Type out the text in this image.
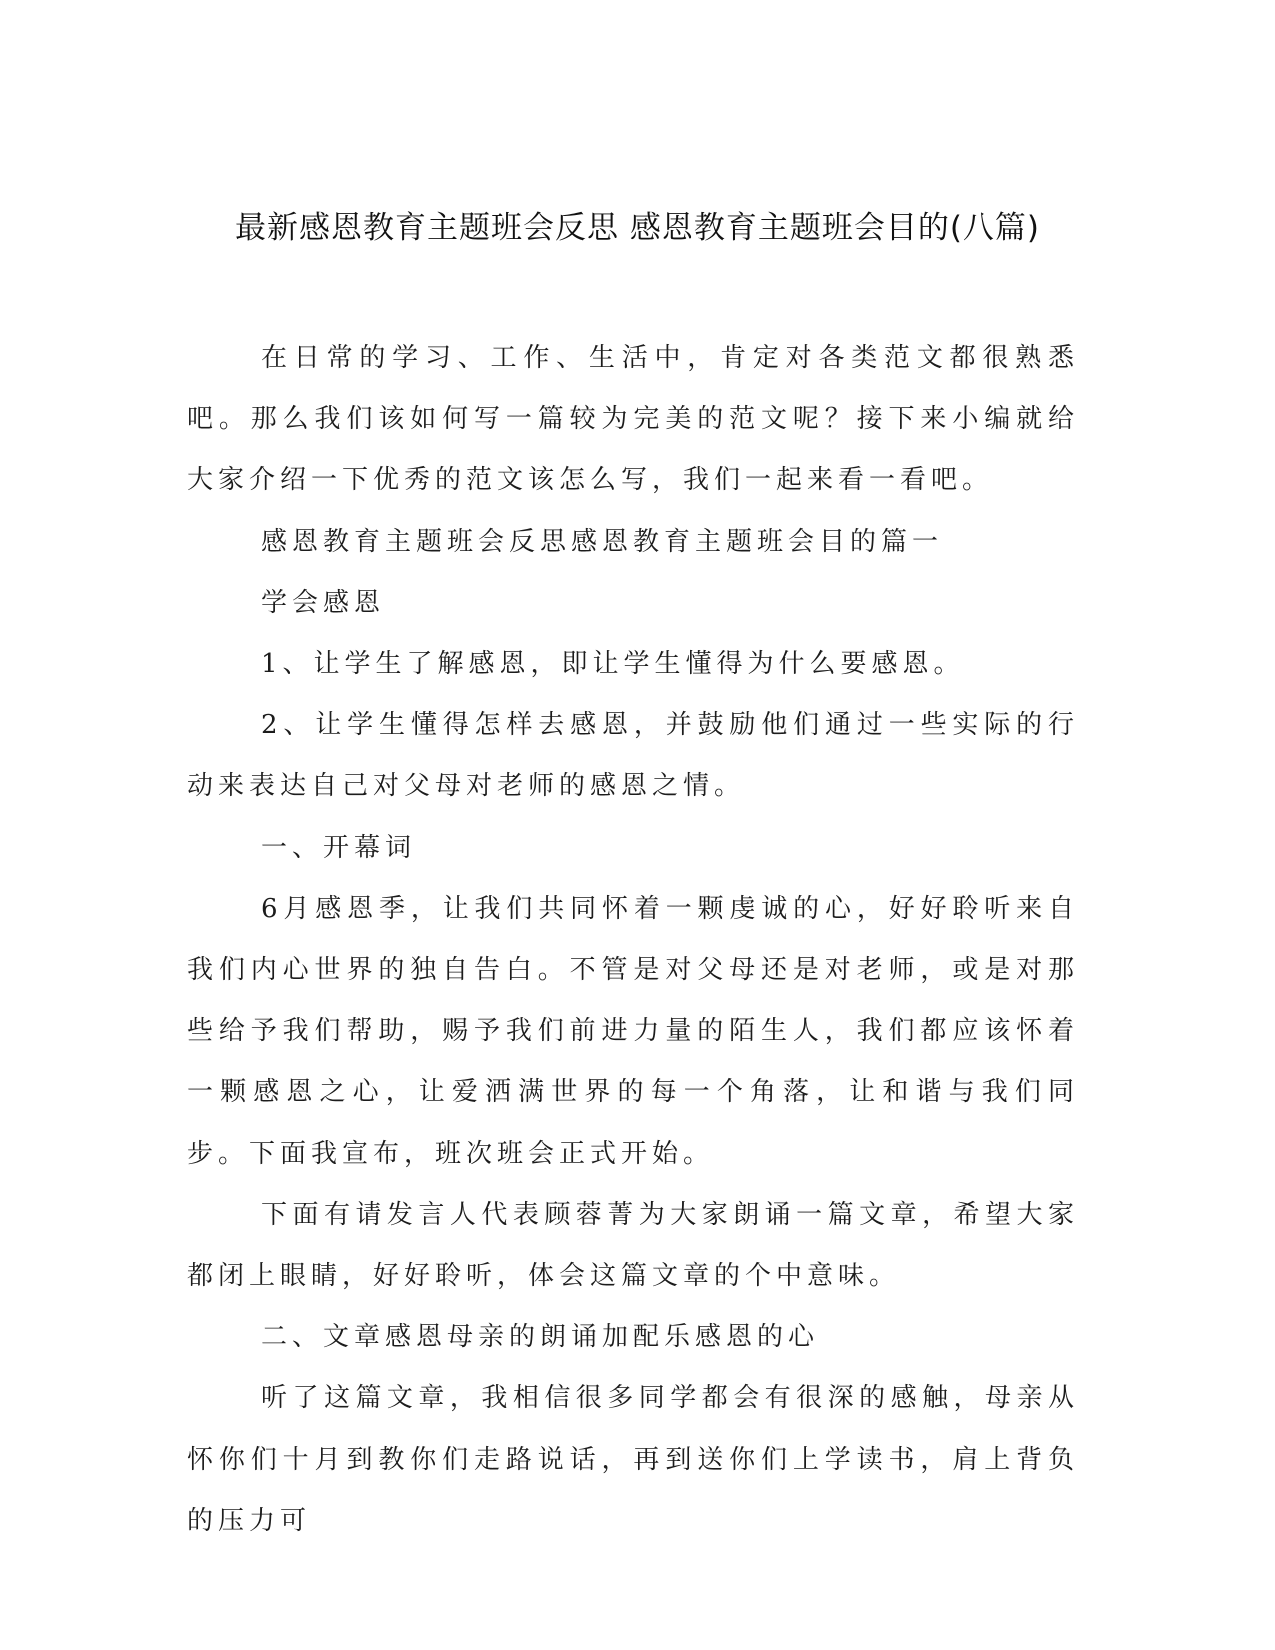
最新感恩教育主题班会反思 感恩教育主题班会目的(八篇)

在日常的学习、工作、生活中，肯定对各类范文都很熟悉吧。那么我们该如何写一篇较为完美的范文呢？接下来小编就给大家介绍一下优秀的范文该怎么写，我们一起来看一看吧。

感恩教育主题班会反思感恩教育主题班会目的篇一

学会感恩

1、让学生了解感恩，即让学生懂得为什么要感恩。

2、让学生懂得怎样去感恩，并鼓励他们通过一些实际的行动来表达自己对父母对老师的感恩之情。

一、开幕词

6月感恩季，让我们共同怀着一颗虔诚的心，好好聆听来自我们内心世界的独自告白。不管是对父母还是对老师，或是对那些给予我们帮助，赐予我们前进力量的陌生人，我们都应该怀着一颗感恩之心，让爱洒满世界的每一个角落，让和谐与我们同步。下面我宣布，班次班会正式开始。

下面有请发言人代表顾蓉菁为大家朗诵一篇文章，希望大家都闭上眼睛，好好聆听，体会这篇文章的个中意味。

二、文章感恩母亲的朗诵加配乐感恩的心

听了这篇文章，我相信很多同学都会有很深的感触，母亲从怀你们十月到教你们走路说话，再到送你们上学读书，肩上背负的压力可
